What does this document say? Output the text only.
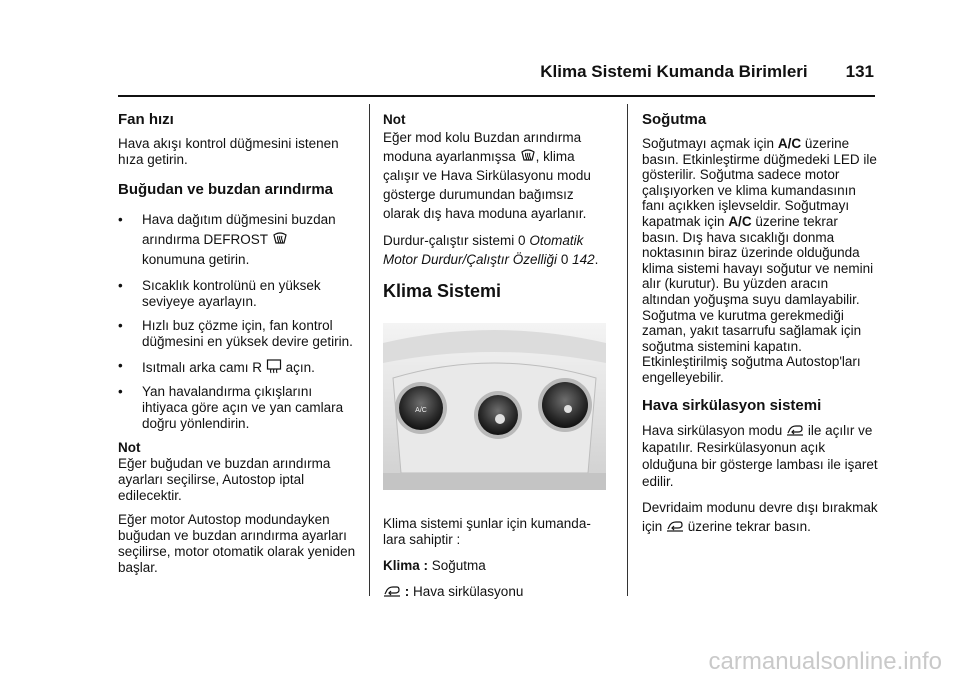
Klima Sistemi Kumanda Birimleri 131
Fan hızı

Hava akışı kontrol düğmesini istenen hıza getirin.

Buğudan ve buzdan arındırma
• Hava dağıtım düğmesini buzdan arındırma DEFROST
konumuna getirin.
• Sıcaklık kontrolünü en yüksek seviyeye ayarlayın.
• Hızlı buz çözme için, fan kontrol düğmesini en yüksek devire getirin.
• Isıtmalı arka camı R açın.
• Yan havalandırma çıkışlarını ihtiyaca göre açın ve yan camlara doğru yönlendirin.
Not

Eğer buğudan ve buzdan arındırma ayarları seçilirse, Autostop iptal edilecektir.

Eğer motor Autostop modundayken buğudan ve buzdan arındırma ayarları seçilirse, motor otomatik olarak yeniden başlar.

Not

Eğer mod kolu Buzdan arındırma moduna ayarlanmışsa , klima çalışır ve Hava Sirkülasyonu modu gösterge durumundan bağımsız olarak dış hava moduna ayarlanır.

Durdur-çalıştır sistemi 0 Otomatik Motor Durdur/Çalıştır Özelliği 0 142.

Klima Sistemi
A/C

Klima sistemi şunlar için kumanda-lara sahiptir :

Klima : Soğutma

: Hava sirkülasyonu

Soğutma

Soğutmayı açmak için A/C üzerine basın. Etkinleştirme düğmedeki LED ile gösterilir. Soğutma sadece motor çalışıyorken ve klima kumandasının fanı açıkken işlevseldir. Soğutmayı kapatmak için A/C üzerine tekrar basın. Dış hava sıcaklığı donma noktasının biraz üzerinde olduğunda klima sistemi havayı soğutur ve nemini alır (kurutur). Bu yüzden aracın altından yoğuşma suyu damlayabilir. Soğutma ve kurutma gerekmediği zaman, yakıt tasarrufu sağlamak için soğutma sistemini kapatın. Etkinleştirilmiş soğutma Autostop'ları engelleyebilir.

Hava sirkülasyon sistemi

Hava sirkülasyon modu ile açılır ve kapatılır. Resirkülasyonun açık olduğuna bir gösterge lambası ile işaret edilir.

Devridaim modunu devre dışı bırakmak için üzerine tekrar basın.

carmanualsonline.info
